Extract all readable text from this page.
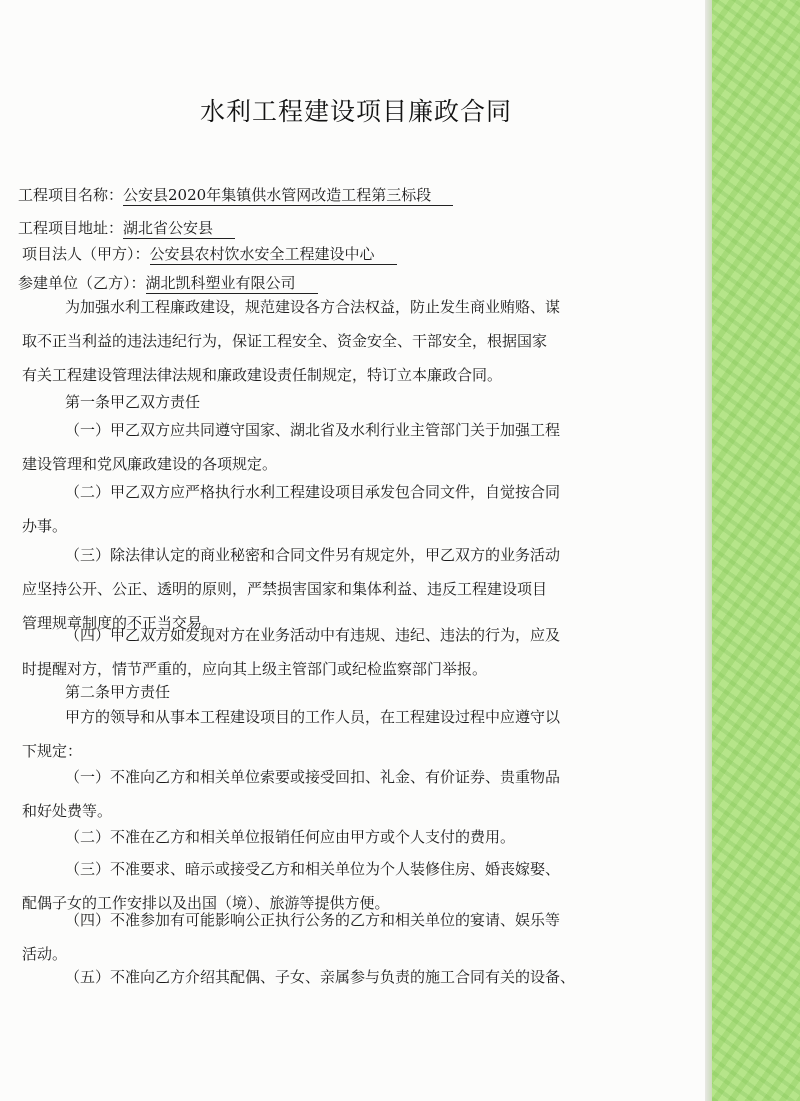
水利工程建设项目廉政合同
工程项目名称：公安县2020年集镇供水管网改造工程第三标段
工程项目地址：湖北省公安县
项目法人（甲方）：公安县农村饮水安全工程建设中心
参建单位（乙方）：湖北凯科塑业有限公司
为加强水利工程廉政建设，规范建设各方合法权益，防止发生商业贿赂、谋
取不正当利益的违法违纪行为，保证工程安全、资金安全、干部安全，根据国家
有关工程建设管理法律法规和廉政建设责任制规定，特订立本廉政合同。
第一条甲乙双方责任
（一）甲乙双方应共同遵守国家、湖北省及水利行业主管部门关于加强工程
建设管理和党风廉政建设的各项规定。
（二）甲乙双方应严格执行水利工程建设项目承发包合同文件，自觉按合同
办事。
（三）除法律认定的商业秘密和合同文件另有规定外，甲乙双方的业务活动
应坚持公开、公正、透明的原则，严禁损害国家和集体利益、违反工程建设项目
管理规章制度的不正当交易。
（四）甲乙双方如发现对方在业务活动中有违规、违纪、违法的行为，应及
时提醒对方，情节严重的，应向其上级主管部门或纪检监察部门举报。
第二条甲方责任
甲方的领导和从事本工程建设项目的工作人员，在工程建设过程中应遵守以
下规定：
（一）不准向乙方和相关单位索要或接受回扣、礼金、有价证券、贵重物品
和好处费等。
（二）不准在乙方和相关单位报销任何应由甲方或个人支付的费用。
（三）不准要求、暗示或接受乙方和相关单位为个人装修住房、婚丧嫁娶、
配偶子女的工作安排以及出国（境）、旅游等提供方便。
（四）不准参加有可能影响公正执行公务的乙方和相关单位的宴请、娱乐等
活动。
（五）不准向乙方介绍其配偶、子女、亲属参与负责的施工合同有关的设备、
